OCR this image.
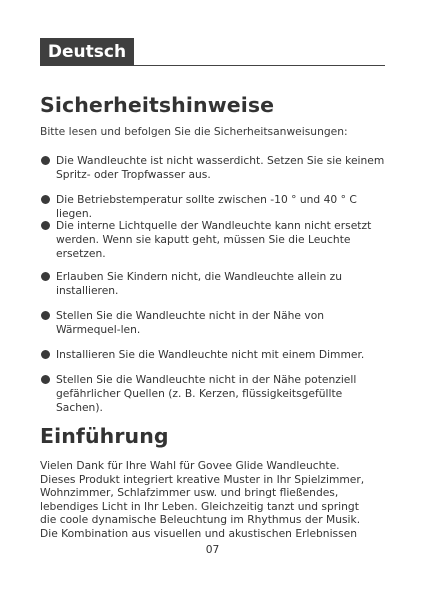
Deutsch
Sicherheitshinweise

Bitte lesen und befolgen Sie die Sicherheitsanweisungen:

Die Wandleuchte ist nicht wasserdicht. Setzen Sie sie keinem Spritz- oder Tropfwasser aus.
Die Betriebstemperatur sollte zwischen -10 ° und 40 ° C liegen.
Die interne Lichtquelle der Wandleuchte kann nicht ersetzt werden. Wenn sie kaputt geht, müssen Sie die Leuchte ersetzen.
Erlauben Sie Kindern nicht, die Wandleuchte allein zu installieren.
Stellen Sie die Wandleuchte nicht in der Nähe von Wärmequel-len.
Installieren Sie die Wandleuchte nicht mit einem Dimmer.
Stellen Sie die Wandleuchte nicht in der Nähe potenziell gefährlicher Quellen (z. B. Kerzen, flüssigkeitsgefüllte Sachen).
Einführung
Vielen Dank für Ihre Wahl für Govee Glide Wandleuchte.
Dieses Produkt integriert kreative Muster in Ihr Spielzimmer,
Wohnzimmer, Schlafzimmer usw. und bringt fließendes,
lebendiges Licht in Ihr Leben. Gleichzeitig tanzt und springt
die coole dynamische Beleuchtung im Rhythmus der Musik.
Die Kombination aus visuellen und akustischen Erlebnissen
07
